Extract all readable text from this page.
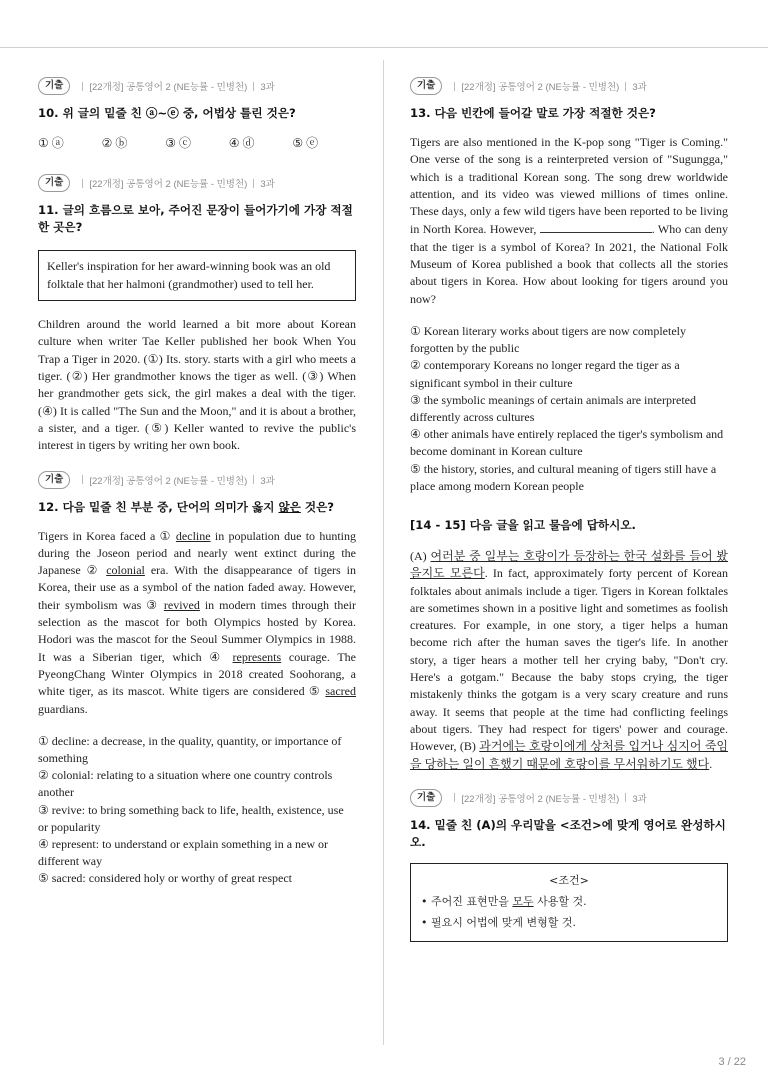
기출	[22개정] 공통영어 2 (NE능률 - 민병천) 3과
10. 위 글의 밑줄 친 ⓐ~ⓔ 중, 어법상 틀린 것은?
① ⓐ	② ⓑ	③ ⓒ	④ ⓓ	⑤ ⓔ
기출	[22개정] 공통영어 2 (NE능률 - 민병천) 3과
11. 글의 흐름으로 보아, 주어진 문장이 들어가기에 가장 적절한 곳은?
Keller's inspiration for her award-winning book was an old folktale that her halmoni (grandmother) used to tell her.
Children around the world learned a bit more about Korean culture when writer Tae Keller published her book When You Trap a Tiger in 2020. (①) Its. story. starts with a girl who meets a tiger. (②) Her grandmother knows the tiger as well. (③) When her grandmother gets sick, the girl makes a deal with the tiger. (④) It is called "The Sun and the Moon," and it is about a brother, a sister, and a tiger. (⑤) Keller wanted to revive the public's interest in tigers by writing her own book.
기출	[22개정] 공통영어 2 (NE능률 - 민병천) 3과
12. 다음 밑줄 친 부분 중, 단어의 의미가 옳지 않은 것은?
Tigers in Korea faced a ① decline in population due to hunting during the Joseon period and nearly went extinct during the Japanese ② colonial era. With the disappearance of tigers in Korea, their use as a symbol of the nation faded away. However, their symbolism was ③ revived in modern times through their selection as the mascot for both Olympics hosted by Korea. Hodori was the mascot for the Seoul Summer Olympics in 1988. It was a Siberian tiger, which ④ represents courage. The PyeongChang Winter Olympics in 2018 created Soohorang, a white tiger, as its mascot. White tigers are considered ⑤ sacred guardians.
① decline: a decrease, in the quality, quantity, or importance of something
② colonial: relating to a situation where one country controls another
③ revive: to bring something back to life, health, existence, use or popularity
④ represent: to understand or explain something in a new or different way
⑤ sacred: considered holy or worthy of great respect
기출	[22개정] 공통영어 2 (NE능률 - 민병천) 3과
13. 다음 빈칸에 들어갈 말로 가장 적절한 것은?
Tigers are also mentioned in the K-pop song "Tiger is Coming." One verse of the song is a reinterpreted version of "Sugungga," which is a traditional Korean song. The song drew worldwide attention, and its video was viewed millions of times online. These days, only a few wild tigers have been reported to be living in North Korea. However,	. Who can deny that the tiger is a symbol of Korea? In 2021, the National Folk Museum of Korea published a book that collects all the stories about tigers in Korea. How about looking for tigers around you now?
① Korean literary works about tigers are now completely forgotten by the public
② contemporary Koreans no longer regard the tiger as a significant symbol in their culture
③ the symbolic meanings of certain animals are interpreted differently across cultures
④ other animals have entirely replaced the tiger's symbolism and become dominant in Korean culture
⑤ the history, stories, and cultural meaning of tigers still have a place among modern Korean people
[14 - 15] 다음 글을 읽고 물음에 답하시오.
(A) 여러분 중 일부는 호랑이가 등장하는 한국 설화를 들어 봤을지도 모른다. In fact, approximately forty percent of Korean folktales about animals include a tiger. Tigers in Korean folktales are sometimes shown in a positive light and sometimes as foolish creatures. For example, in one story, a tiger helps a human become rich after the human saves the tiger's life. In another story, a tiger hears a mother tell her crying baby, "Don't cry. Here's a gotgam." Because the baby stops crying, the tiger mistakenly thinks the gotgam is a very scary creature and runs away. It seems that people at the time had conflicting feelings about tigers. They had respect for tigers' power and courage. However, (B) 과거에는 호랑이에게 상처를 입거나 심지어 죽임을 당하는 일이 흔했기 때문에 호랑이를 무서워하기도 했다.
기출	[22개정] 공통영어 2 (NE능률 - 민병천) 3과
14. 밑줄 친 (A)의 우리말을 <조건>에 맞게 영어로 완성하시오.
<조건>
• 주어진 표현만을 모두 사용할 것.
• 필요시 어법에 맞게 변형할 것.
3 / 22
